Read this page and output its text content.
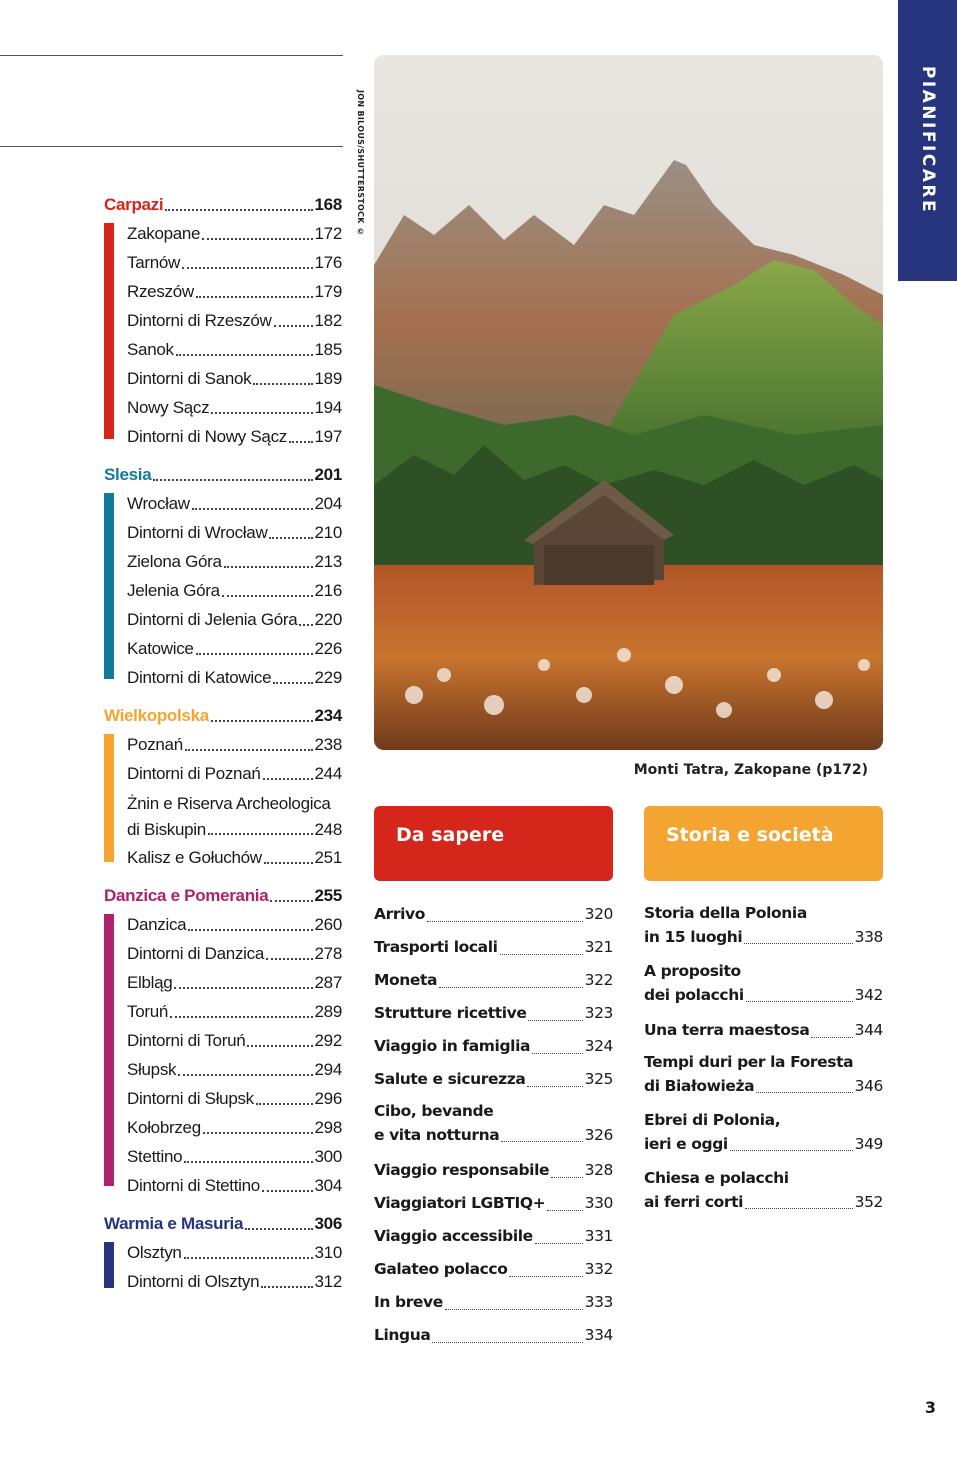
PIANIFICARE
JON BILOUS/SHUTTERSTOCK ©
Monti Tatra, Zakopane (p172)
Carpazi	168
Zakopane	172
Tarnów	176
Rzeszów	179
Dintorni di Rzeszów	182
Sanok	185
Dintorni di Sanok	189
Nowy Sącz	194
Dintorni di Nowy Sącz 197
Slesia	201
Wrocław	204
Dintorni di Wrocław	210
Zielona Góra	213
Jelenia Góra	216
Dintorni di Jelenia Góra 220
Katowice	226
Dintorni di Katowice	229
Wielkopolska	234
Poznań	238
Dintorni di Poznań	244
Żnin e Riserva Archeologica
di Biskupin	248
Kalisz e Gołuchów	251
Danzica e Pomerania	255
Danzica	260
Dintorni di Danzica	278
Elbląg	287
Toruń	289
Dintorni di Toruń	292
Słupsk	294
Dintorni di Słupsk	296
Kołobrzeg	298
Stettino	300
Dintorni di Stettino	304
Warmia e Masuria	306
Olsztyn	310
Dintorni di Olsztyn	312
Da sapere
Arrivo	320
Trasporti locali	321
Moneta	322
Strutture ricettive	323
Viaggio in famiglia	324
Salute e sicurezza	325
Cibo, bevande
e vita notturna	326
Viaggio responsabile 328
Viaggiatori LGBTIQ+	330
Viaggio accessibile	331
Galateo polacco	332
In breve	333
Lingua	334
Storia e società
Storia della Polonia
in 15 luoghi	338
A proposito
dei polacchi	342
Una terra maestosa	344
Tempi duri per la Foresta
di Białowieża	346
Ebrei di Polonia,
ieri e oggi	349
Chiesa e polacchi
ai ferri corti	352
3
